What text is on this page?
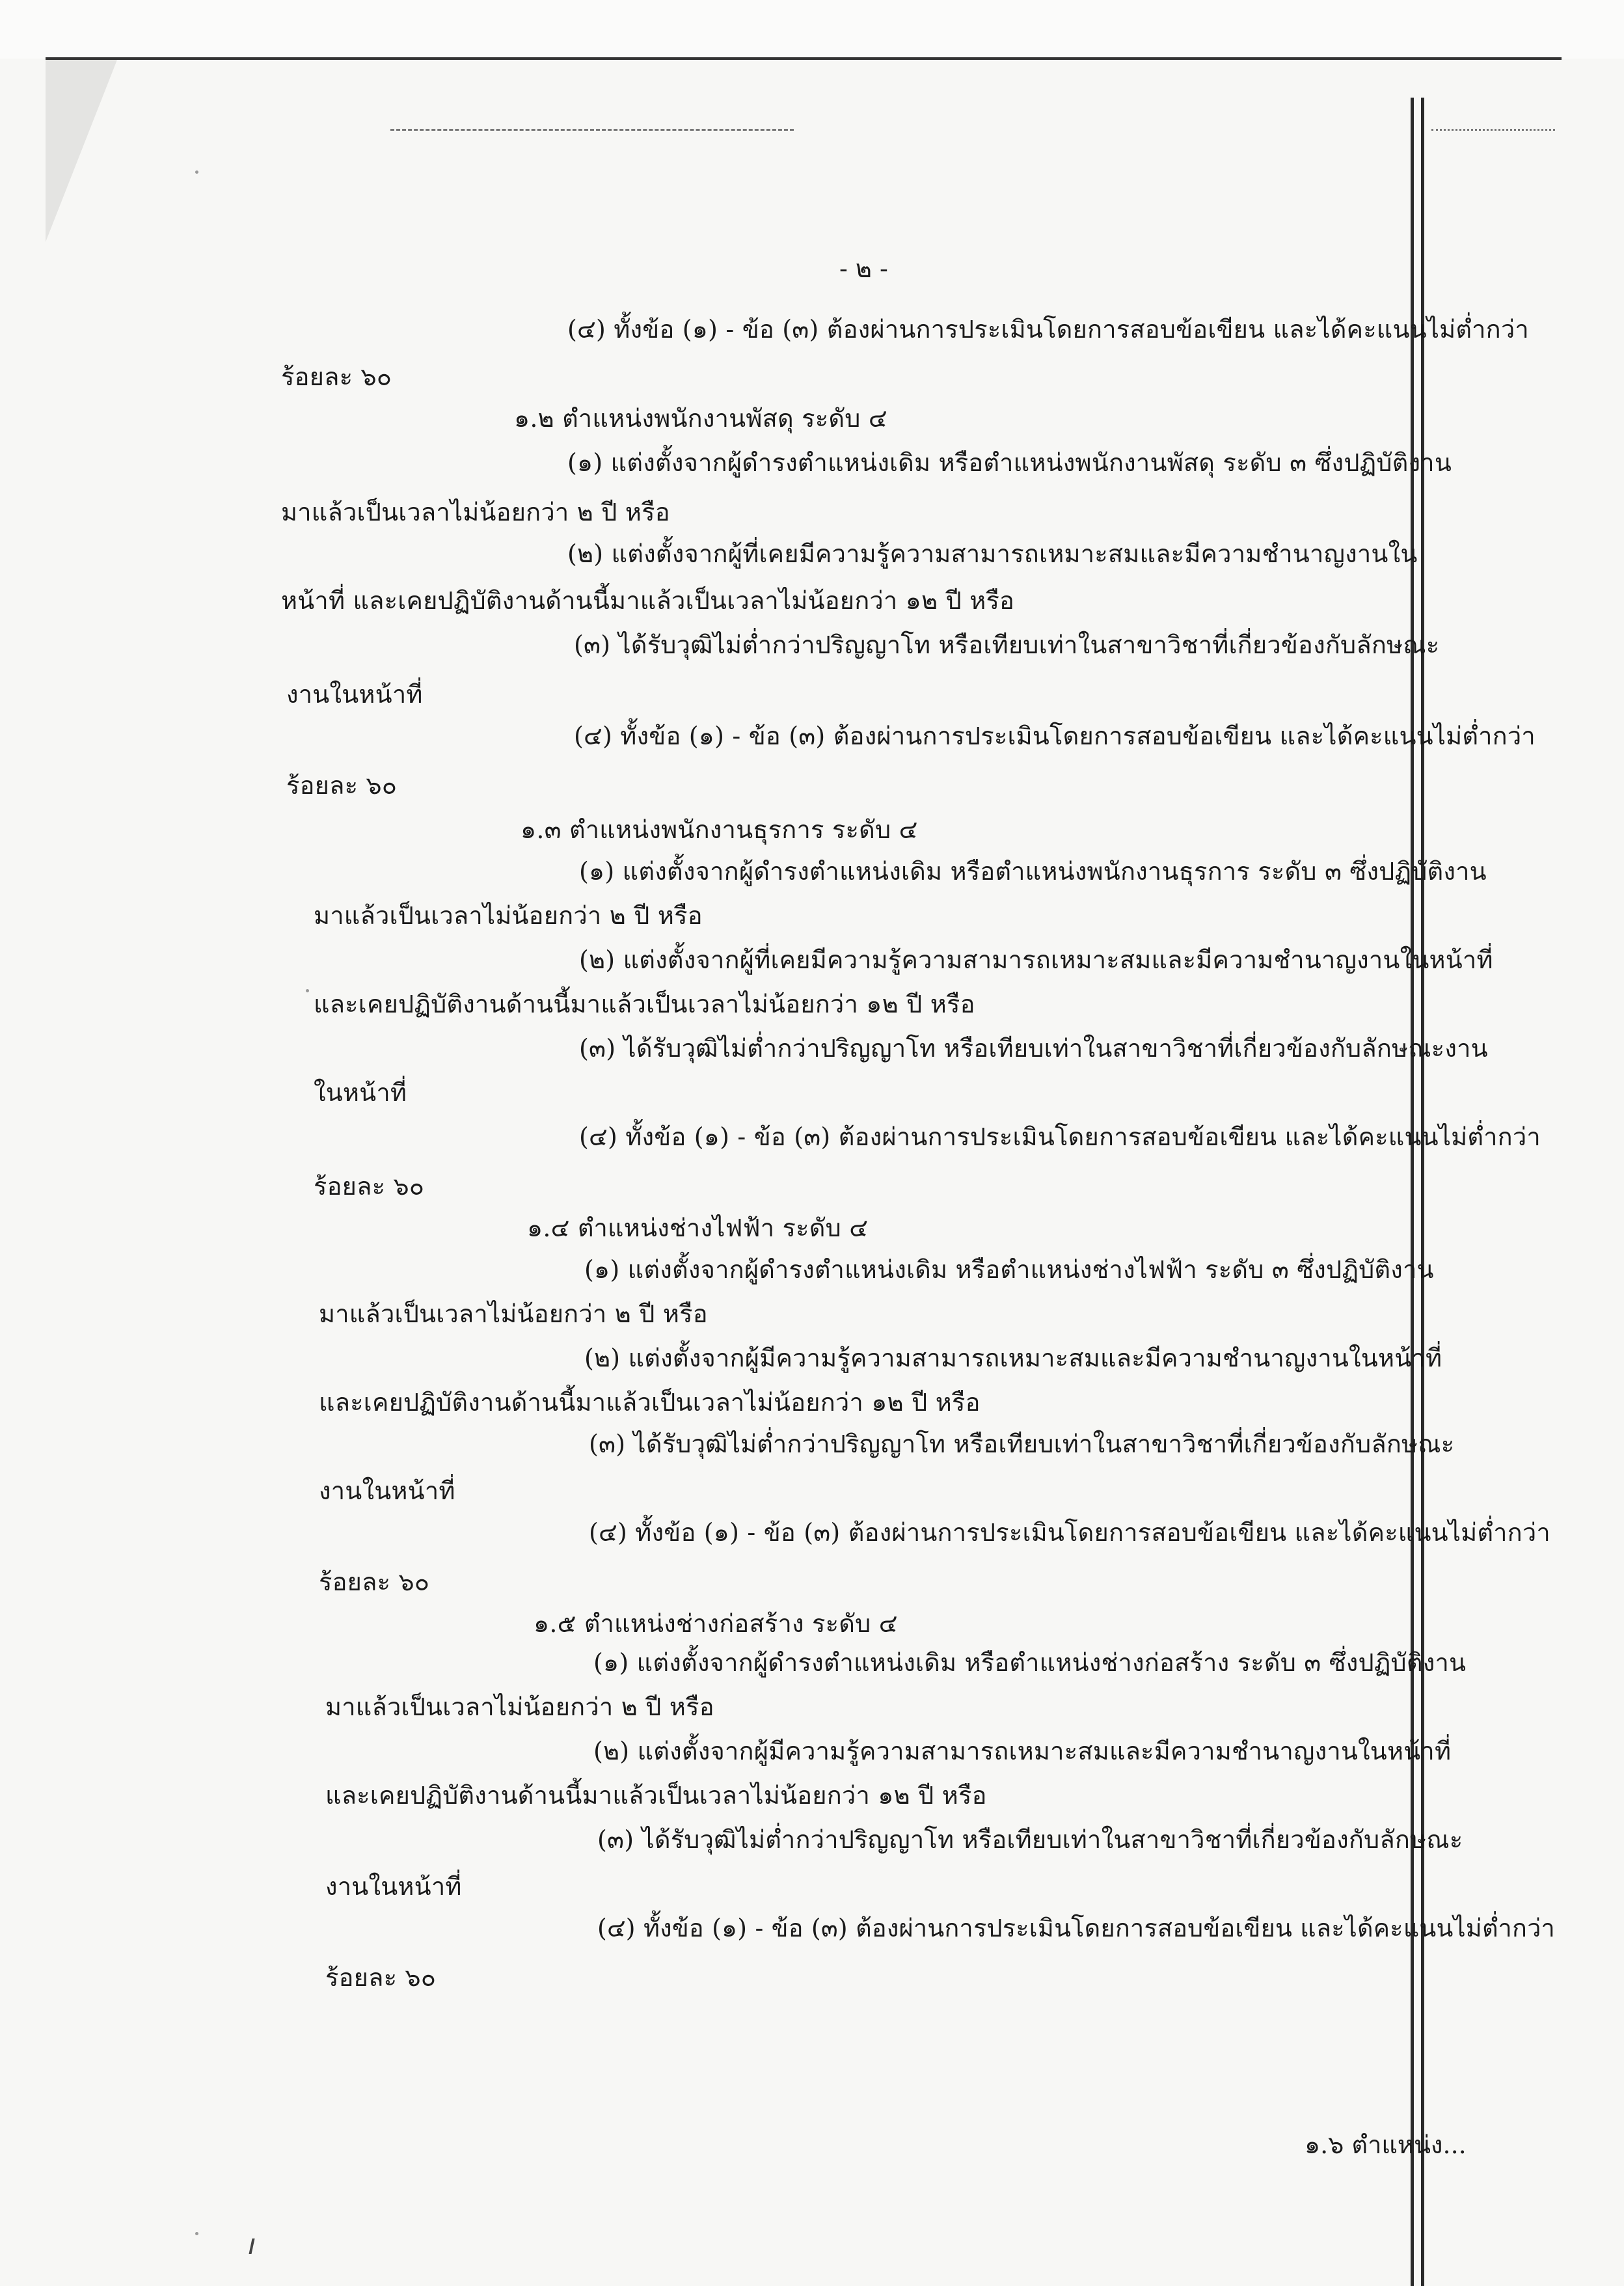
- ๒ -
(๔) ทั้งข้อ (๑) - ข้อ (๓) ต้องผ่านการประเมินโดยการสอบข้อเขียน และได้คะแนนไม่ต่ำกว่า
ร้อยละ ๖๐
๑.๒ ตำแหน่งพนักงานพัสดุ ระดับ ๔
(๑) แต่งตั้งจากผู้ดำรงตำแหน่งเดิม หรือตำแหน่งพนักงานพัสดุ ระดับ ๓ ซึ่งปฏิบัติงาน
มาแล้วเป็นเวลาไม่น้อยกว่า ๒ ปี หรือ
(๒) แต่งตั้งจากผู้ที่เคยมีความรู้ความสามารถเหมาะสมและมีความชำนาญงานใน
หน้าที่ และเคยปฏิบัติงานด้านนี้มาแล้วเป็นเวลาไม่น้อยกว่า ๑๒ ปี หรือ
(๓) ได้รับวุฒิไม่ต่ำกว่าปริญญาโท หรือเทียบเท่าในสาขาวิชาที่เกี่ยวข้องกับลักษณะ
งานในหน้าที่
(๔) ทั้งข้อ (๑) - ข้อ (๓) ต้องผ่านการประเมินโดยการสอบข้อเขียน และได้คะแนนไม่ต่ำกว่า
ร้อยละ ๖๐
๑.๓ ตำแหน่งพนักงานธุรการ ระดับ ๔
(๑) แต่งตั้งจากผู้ดำรงตำแหน่งเดิม หรือตำแหน่งพนักงานธุรการ ระดับ ๓ ซึ่งปฏิบัติงาน
มาแล้วเป็นเวลาไม่น้อยกว่า ๒ ปี หรือ
(๒) แต่งตั้งจากผู้ที่เคยมีความรู้ความสามารถเหมาะสมและมีความชำนาญงานในหน้าที่
และเคยปฏิบัติงานด้านนี้มาแล้วเป็นเวลาไม่น้อยกว่า ๑๒ ปี หรือ
(๓) ได้รับวุฒิไม่ต่ำกว่าปริญญาโท หรือเทียบเท่าในสาขาวิชาที่เกี่ยวข้องกับลักษณะงาน
ในหน้าที่
(๔) ทั้งข้อ (๑) - ข้อ (๓) ต้องผ่านการประเมินโดยการสอบข้อเขียน และได้คะแนนไม่ต่ำกว่า
ร้อยละ ๖๐
๑.๔ ตำแหน่งช่างไฟฟ้า ระดับ ๔
(๑) แต่งตั้งจากผู้ดำรงตำแหน่งเดิม หรือตำแหน่งช่างไฟฟ้า ระดับ ๓ ซึ่งปฏิบัติงาน
มาแล้วเป็นเวลาไม่น้อยกว่า ๒ ปี หรือ
(๒) แต่งตั้งจากผู้มีความรู้ความสามารถเหมาะสมและมีความชำนาญงานในหน้าที่
และเคยปฏิบัติงานด้านนี้มาแล้วเป็นเวลาไม่น้อยกว่า ๑๒ ปี หรือ
(๓) ได้รับวุฒิไม่ต่ำกว่าปริญญาโท หรือเทียบเท่าในสาขาวิชาที่เกี่ยวข้องกับลักษณะ
งานในหน้าที่
(๔) ทั้งข้อ (๑) - ข้อ (๓) ต้องผ่านการประเมินโดยการสอบข้อเขียน และได้คะแนนไม่ต่ำกว่า
ร้อยละ ๖๐
๑.๕ ตำแหน่งช่างก่อสร้าง ระดับ ๔
(๑) แต่งตั้งจากผู้ดำรงตำแหน่งเดิม หรือตำแหน่งช่างก่อสร้าง ระดับ ๓ ซึ่งปฏิบัติงาน
มาแล้วเป็นเวลาไม่น้อยกว่า ๒ ปี หรือ
(๒) แต่งตั้งจากผู้มีความรู้ความสามารถเหมาะสมและมีความชำนาญงานในหน้าที่
และเคยปฏิบัติงานด้านนี้มาแล้วเป็นเวลาไม่น้อยกว่า ๑๒ ปี หรือ
(๓) ได้รับวุฒิไม่ต่ำกว่าปริญญาโท หรือเทียบเท่าในสาขาวิชาที่เกี่ยวข้องกับลักษณะ
งานในหน้าที่
(๔) ทั้งข้อ (๑) - ข้อ (๓) ต้องผ่านการประเมินโดยการสอบข้อเขียน และได้คะแนนไม่ต่ำกว่า
ร้อยละ ๖๐
๑.๖ ตำแหน่ง...
